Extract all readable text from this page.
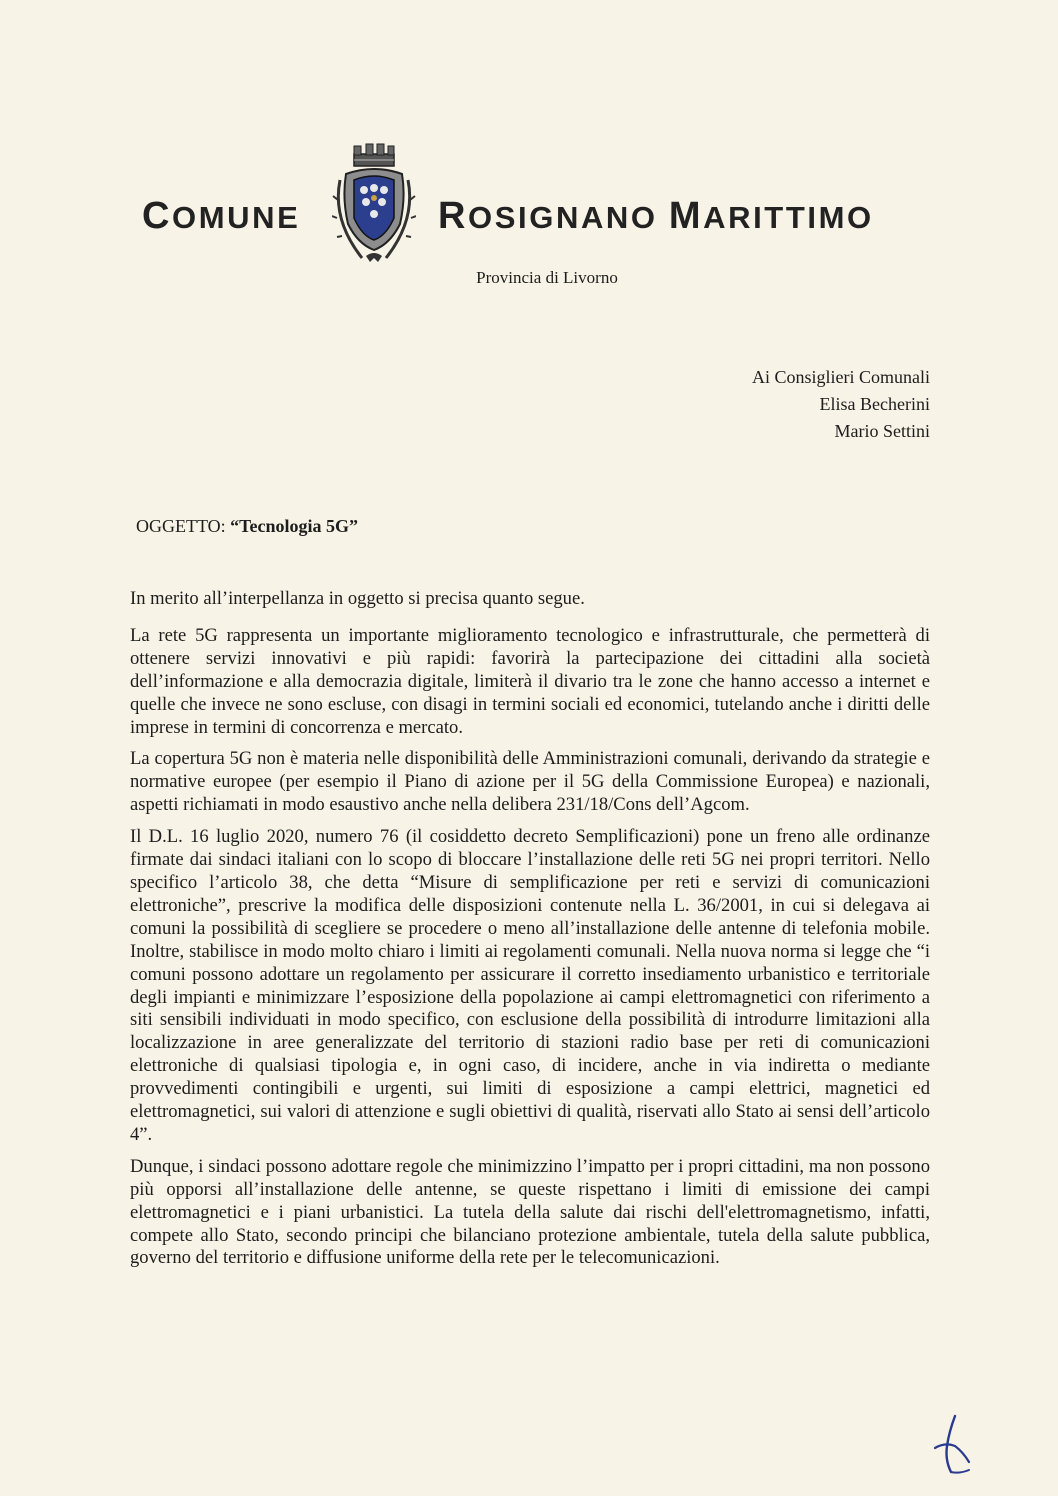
COMUNE	ROSIGNANO MARITTIMO
Provincia di Livorno
Ai Consiglieri Comunali
Elisa Becherini
Mario Settini
OGGETTO: “Tecnologia 5G”

In merito all’interpellanza in oggetto si precisa quanto segue.

La rete 5G rappresenta un importante miglioramento tecnologico e infrastrutturale, che permetterà di ottenere servizi innovativi e più rapidi: favorirà la partecipazione dei cittadini alla società dell’informazione e alla democrazia digitale, limiterà il divario tra le zone che hanno accesso a internet e quelle che invece ne sono escluse, con disagi in termini sociali ed economici, tutelando anche i diritti delle imprese in termini di concorrenza e mercato.

La copertura 5G non è materia nelle disponibilità delle Amministrazioni comunali, derivando da strategie e normative europee (per esempio il Piano di azione per il 5G della Commissione Europea) e nazionali, aspetti richiamati in modo esaustivo anche nella delibera 231/18/Cons dell’Agcom.

Il D.L. 16 luglio 2020, numero 76 (il cosiddetto decreto Semplificazioni) pone un freno alle ordinanze firmate dai sindaci italiani con lo scopo di bloccare l’installazione delle reti 5G nei propri territori. Nello specifico l’articolo 38, che detta “Misure di semplificazione per reti e servizi di comunicazioni elettroniche”, prescrive la modifica delle disposizioni contenute nella L. 36/2001, in cui si delegava ai comuni la possibilità di scegliere se procedere o meno all’installazione delle antenne di telefonia mobile. Inoltre, stabilisce in modo molto chiaro i limiti ai regolamenti comunali. Nella nuova norma si legge che “i comuni possono adottare un regolamento per assicurare il corretto insediamento urbanistico e territoriale degli impianti e minimizzare l’esposizione della popolazione ai campi elettromagnetici con riferimento a siti sensibili individuati in modo specifico, con esclusione della possibilità di introdurre limitazioni alla localizzazione in aree generalizzate del territorio di stazioni radio base per reti di comunicazioni elettroniche di qualsiasi tipologia e, in ogni caso, di incidere, anche in via indiretta o mediante provvedimenti contingibili e urgenti, sui limiti di esposizione a campi elettrici, magnetici ed elettromagnetici, sui valori di attenzione e sugli obiettivi di qualità, riservati allo Stato ai sensi dell’articolo 4”.

Dunque, i sindaci possono adottare regole che minimizzino l’impatto per i propri cittadini, ma non possono più opporsi all’installazione delle antenne, se queste rispettano i limiti di emissione dei campi elettromagnetici e i piani urbanistici. La tutela della salute dai rischi dell'elettromagnetismo, infatti, compete allo Stato, secondo principi che bilanciano protezione ambientale, tutela della salute pubblica, governo del territorio e diffusione uniforme della rete per le telecomunicazioni.
